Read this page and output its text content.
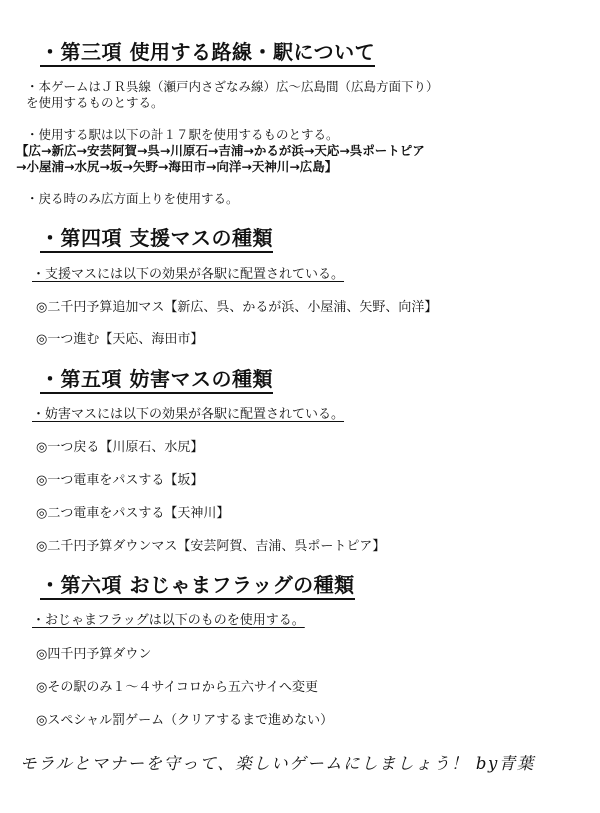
・第三項 使用する路線・駅について
・本ゲームはＪＲ呉線（瀬戸内さざなみ線）広～広島間（広島方面下り）
を使用するものとする。
・使用する駅は以下の計１７駅を使用するものとする。
【広→新広→安芸阿賀→呉→川原石→吉浦→かるが浜→天応→呉ポートピア
→小屋浦→水尻→坂→矢野→海田市→向洋→天神川→広島】
・戻る時のみ広方面上りを使用する。
・第四項 支援マスの種類
・支援マスには以下の効果が各駅に配置されている。
◎二千円予算追加マス【新広、呉、かるが浜、小屋浦、矢野、向洋】
◎一つ進む【天応、海田市】
・第五項 妨害マスの種類
・妨害マスには以下の効果が各駅に配置されている。
◎一つ戻る【川原石、水尻】
◎一つ電車をパスする【坂】
◎二つ電車をパスする【天神川】
◎二千円予算ダウンマス【安芸阿賀、吉浦、呉ポートピア】
・第六項 おじゃまフラッグの種類
・おじゃまフラッグは以下のものを使用する。
◎四千円予算ダウン
◎その駅のみ１～４サイコロから五六サイへ変更
◎スペシャル罰ゲーム（クリアするまで進めない）
モラルとマナーを守って、楽しいゲームにしましょう！ by青葉
